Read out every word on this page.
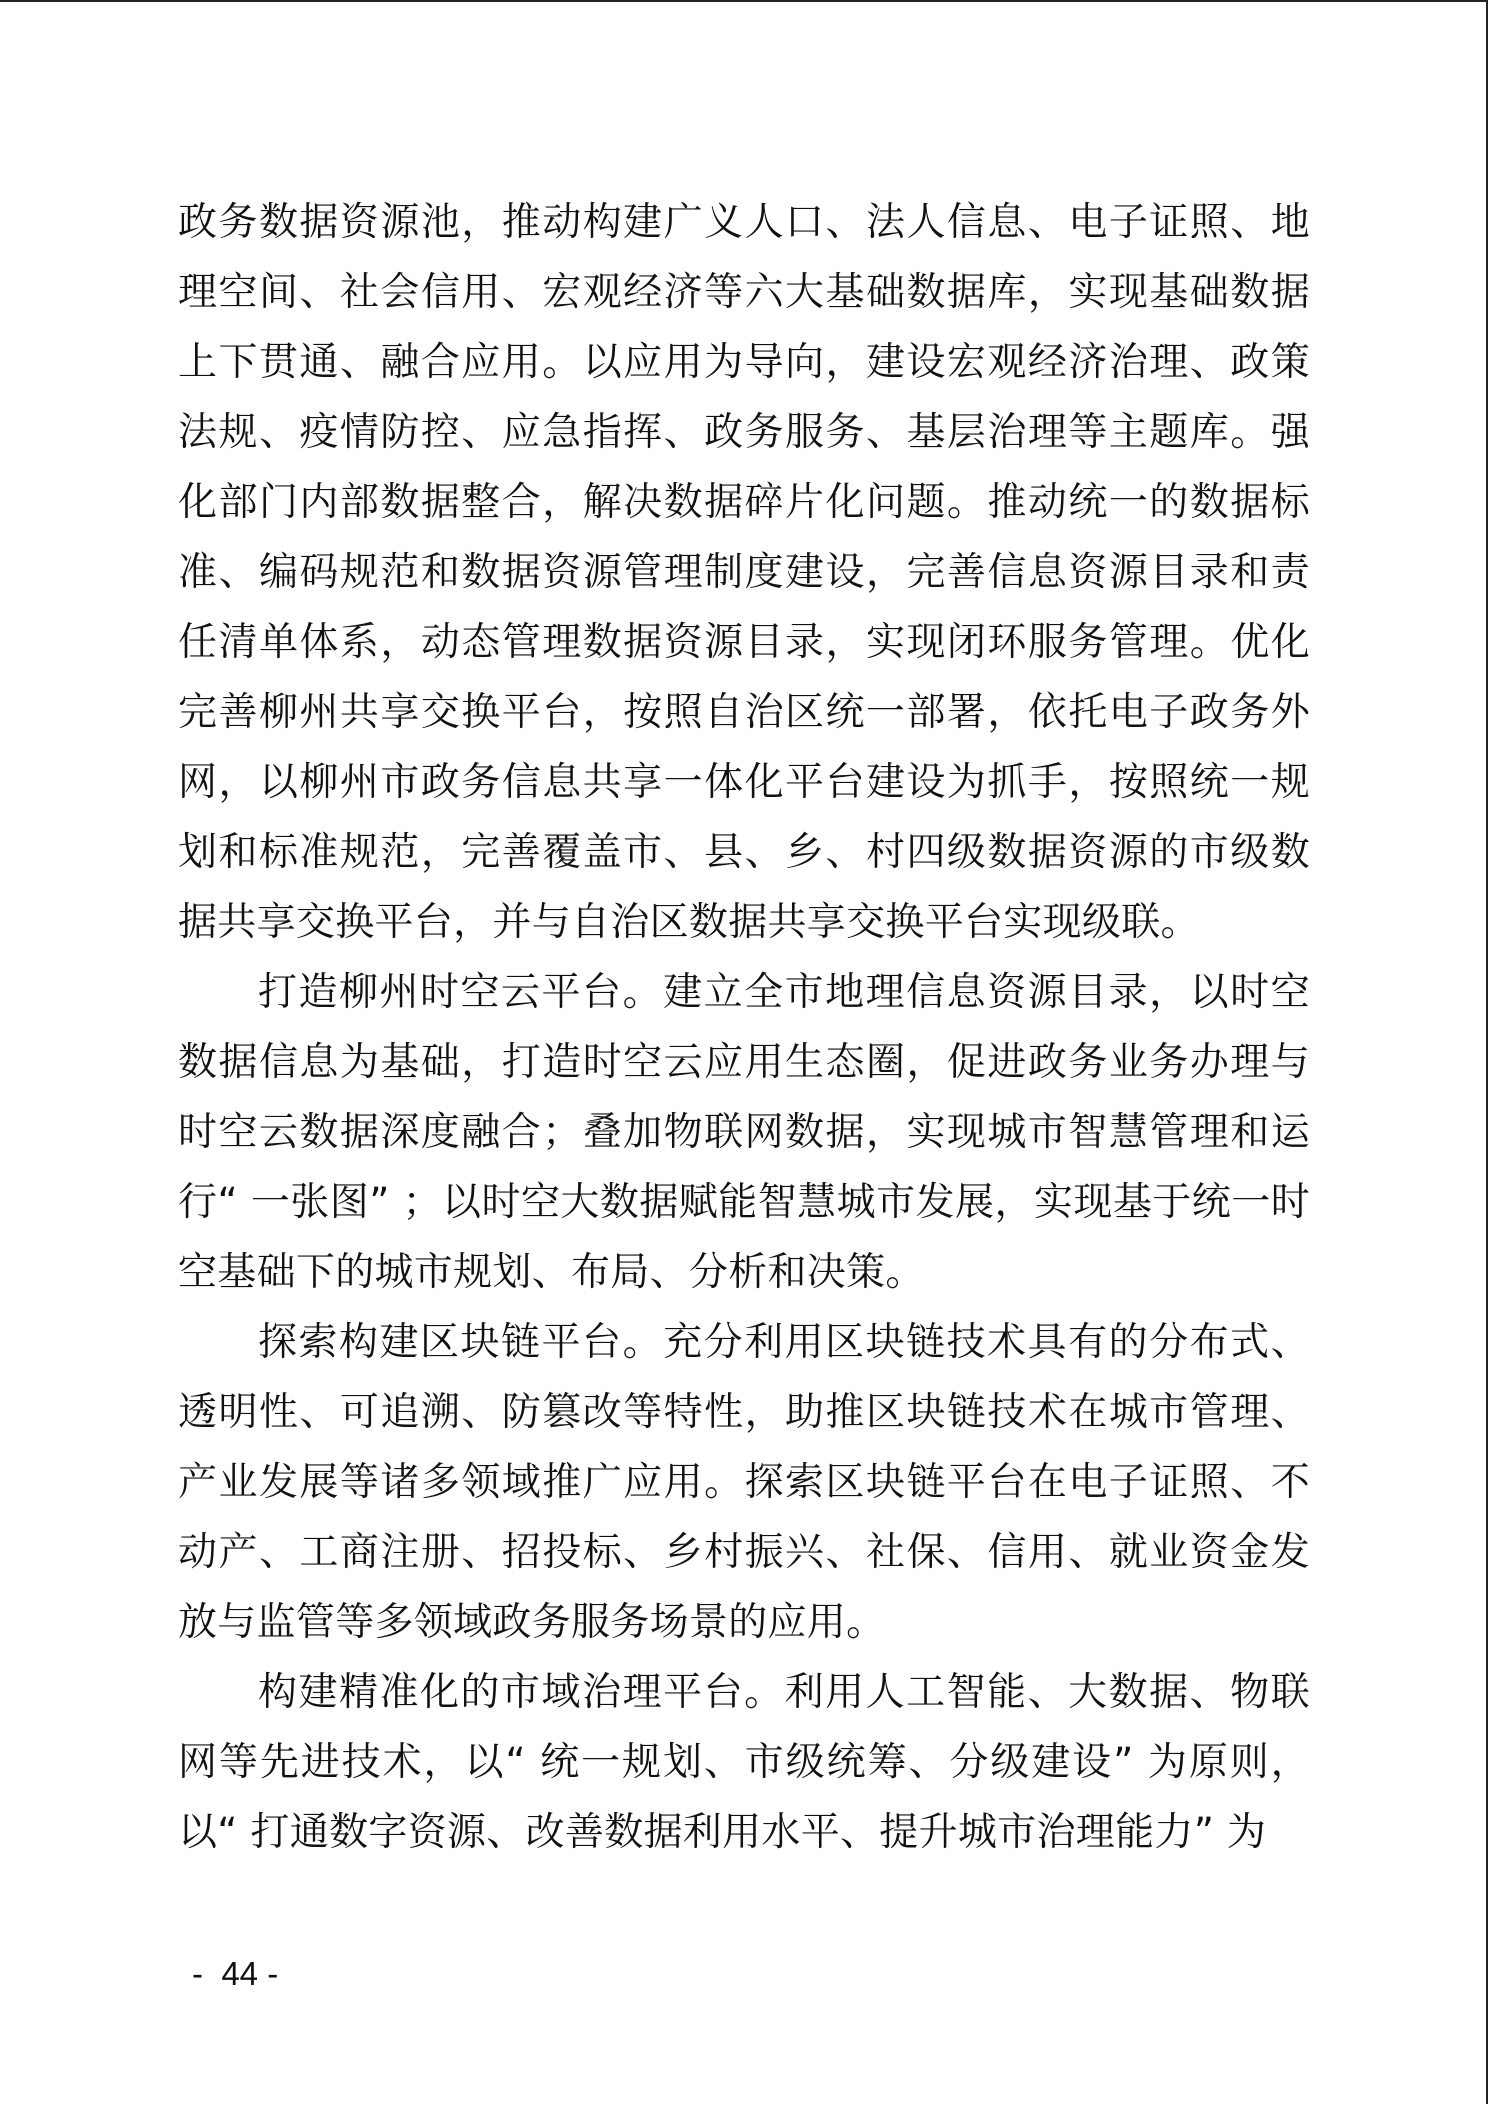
政务数据资源池，推动构建广义人口、法人信息、电子证照、地理空间、社会信用、宏观经济等六大基础数据库，实现基础数据上下贯通、融合应用。以应用为导向，建设宏观经济治理、政策法规、疫情防控、应急指挥、政务服务、基层治理等主题库。强化部门内部数据整合，解决数据碎片化问题。推动统一的数据标准、编码规范和数据资源管理制度建设，完善信息资源目录和责任清单体系，动态管理数据资源目录，实现闭环服务管理。优化完善柳州共享交换平台，按照自治区统一部署，依托电子政务外网，以柳州市政务信息共享一体化平台建设为抓手，按照统一规划和标准规范，完善覆盖市、县、乡、村四级数据资源的市级数据共享交换平台，并与自治区数据共享交换平台实现级联。

打造柳州时空云平台。建立全市地理信息资源目录，以时空数据信息为基础，打造时空云应用生态圈，促进政务业务办理与时空云数据深度融合；叠加物联网数据，实现城市智慧管理和运行“ 一张图” ；以时空大数据赋能智慧城市发展，实现基于统一时空基础下的城市规划、布局、分析和决策。

探索构建区块链平台。充分利用区块链技术具有的分布式、透明性、可追溯、防篡改等特性，助推区块链技术在城市管理、产业发展等诸多领域推广应用。探索区块链平台在电子证照、不动产、工商注册、招投标、乡村振兴、社保、信用、就业资金发放与监管等多领域政务服务场景的应用。

构建精准化的市域治理平台。利用人工智能、大数据、物联网等先进技术，以“ 统一规划、市级统筹、分级建设” 为原则，以“ 打通数字资源、改善数据利用水平、提升城市治理能力” 为

-  44 -
